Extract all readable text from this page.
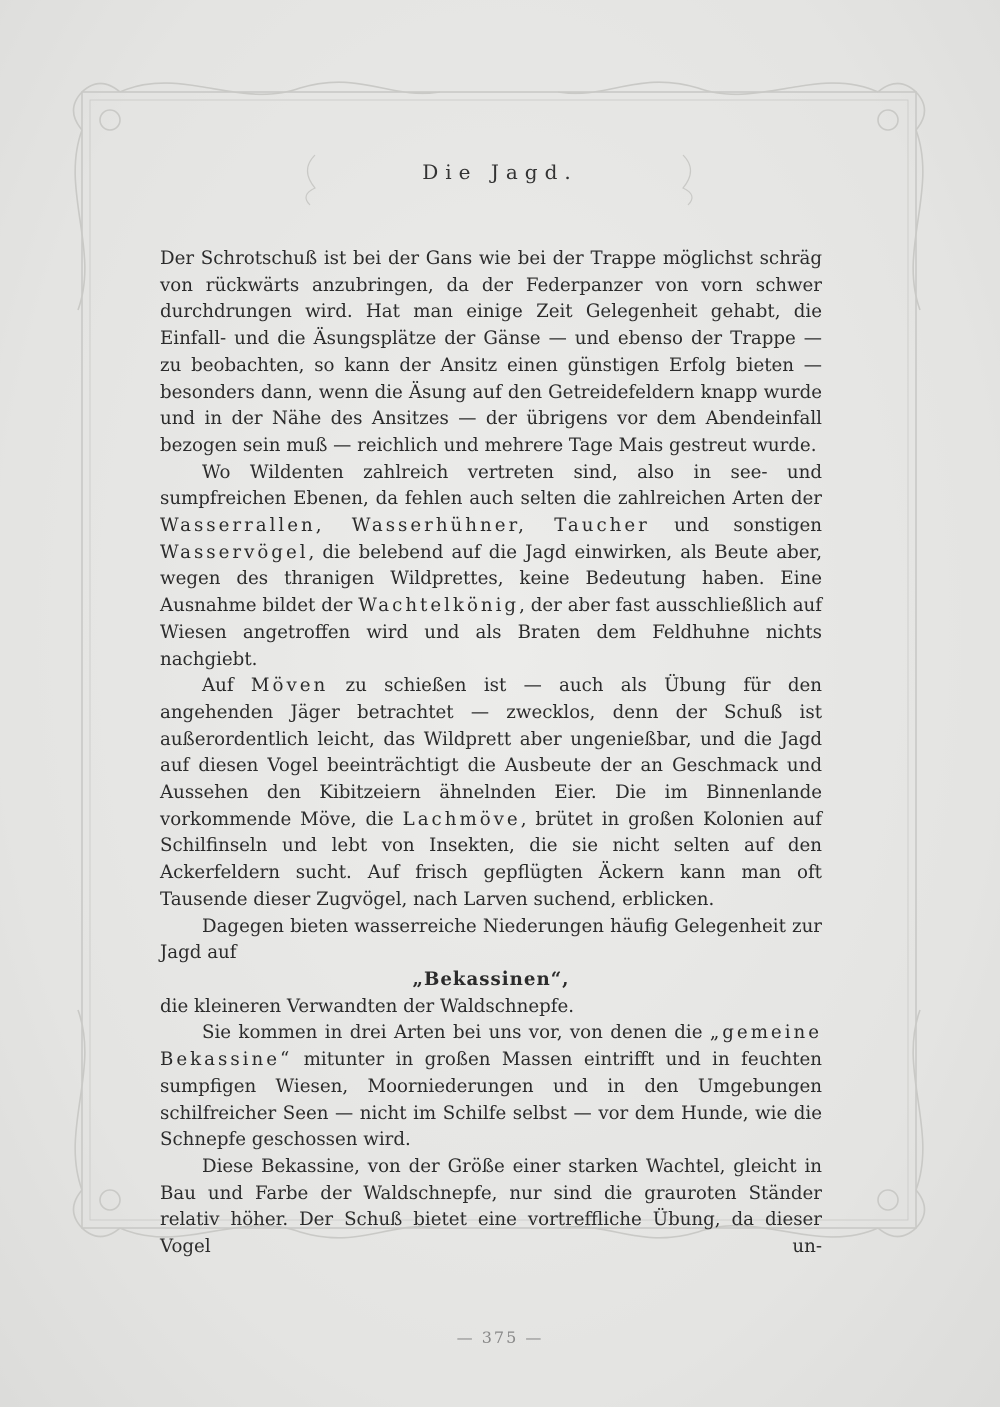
Die Jagd.

Der Schrotschuß ist bei der Gans wie bei der Trappe möglichst schräg von rückwärts anzubringen, da der Federpanzer von vorn schwer durchdrungen wird. Hat man einige Zeit Gelegenheit gehabt, die Einfall- und die Äsungsplätze der Gänse — und ebenso der Trappe — zu beobachten, so kann der Ansitz einen günstigen Erfolg bieten — besonders dann, wenn die Äsung auf den Getreidefeldern knapp wurde und in der Nähe des Ansitzes — der übrigens vor dem Abendeinfall bezogen sein muß — reichlich und mehrere Tage Mais gestreut wurde.

Wo Wildenten zahlreich vertreten sind, also in see- und sumpfreichen Ebenen, da fehlen auch selten die zahlreichen Arten der Wasserrallen, Wasserhühner, Taucher und sonstigen Wasservögel, die belebend auf die Jagd einwirken, als Beute aber, wegen des thranigen Wildprettes, keine Bedeutung haben. Eine Ausnahme bildet der Wachtelkönig, der aber fast ausschließlich auf Wiesen angetroffen wird und als Braten dem Feldhuhne nichts nachgiebt.

Auf Möven zu schießen ist — auch als Übung für den angehenden Jäger betrachtet — zwecklos, denn der Schuß ist außerordentlich leicht, das Wildprett aber ungenießbar, und die Jagd auf diesen Vogel beeinträchtigt die Ausbeute der an Geschmack und Aussehen den Kibitzeiern ähnelnden Eier. Die im Binnenlande vorkommende Möve, die Lachmöve, brütet in großen Kolonien auf Schilfinseln und lebt von Insekten, die sie nicht selten auf den Ackerfeldern sucht. Auf frisch gepflügten Äckern kann man oft Tausende dieser Zugvögel, nach Larven suchend, erblicken.

Dagegen bieten wasserreiche Niederungen häufig Gelegenheit zur Jagd auf

„Bekassinen“,

die kleineren Verwandten der Waldschnepfe.

Sie kommen in drei Arten bei uns vor, von denen die „gemeine Bekassine“ mitunter in großen Massen eintrifft und in feuchten sumpfigen Wiesen, Moorniederungen und in den Umgebungen schilfreicher Seen — nicht im Schilfe selbst — vor dem Hunde, wie die Schnepfe geschossen wird.

Diese Bekassine, von der Größe einer starken Wachtel, gleicht in Bau und Farbe der Waldschnepfe, nur sind die grauroten Ständer relativ höher. Der Schuß bietet eine vortreffliche Übung, da dieser Vogel un-

— 375 —
